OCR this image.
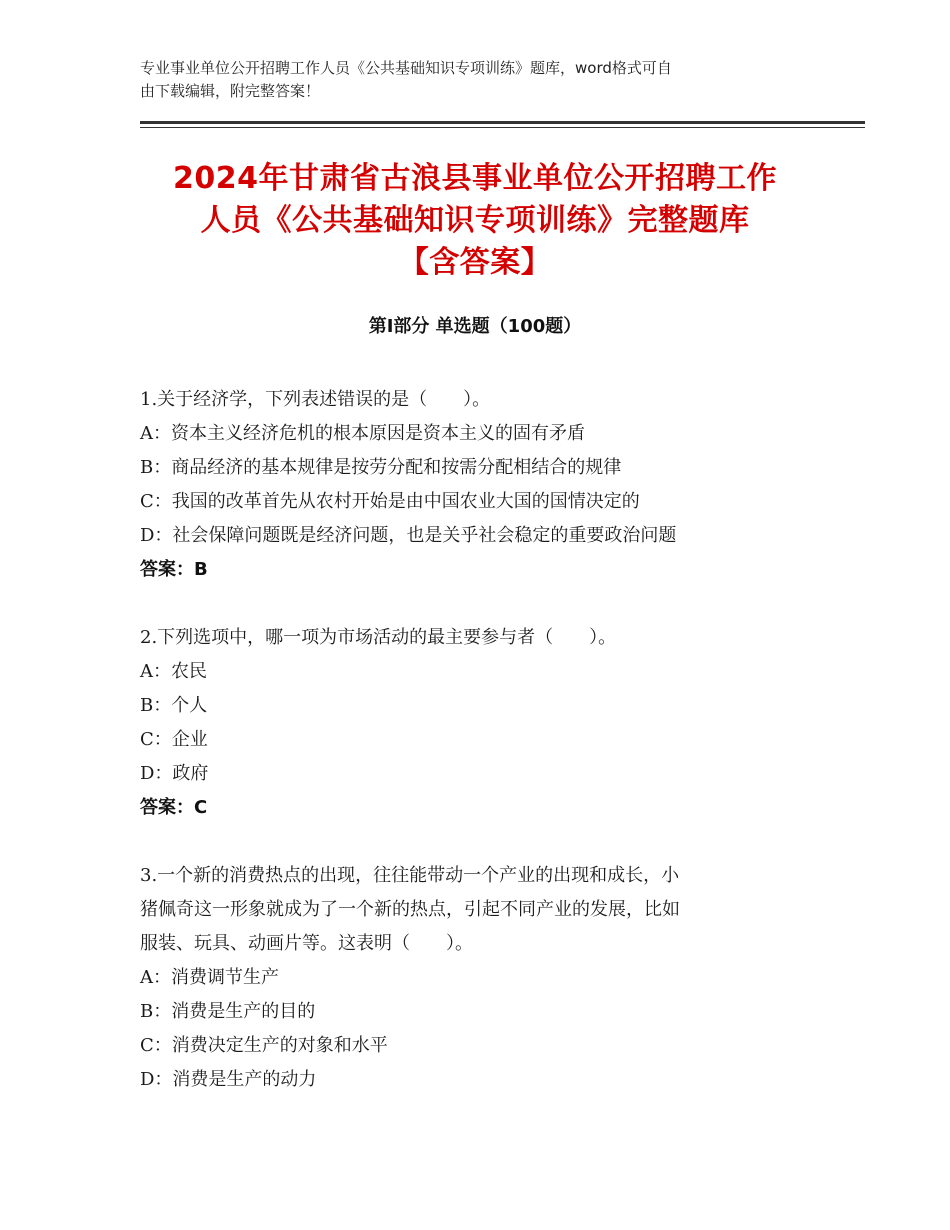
专业事业单位公开招聘工作人员《公共基础知识专项训练》题库，word格式可自
由下载编辑，附完整答案！
2024年甘肃省古浪县事业单位公开招聘工作
人员《公共基础知识专项训练》完整题库
【含答案】
第Ⅰ部分 单选题（100题）
1.关于经济学，下列表述错误的是（　　）。
A：资本主义经济危机的根本原因是资本主义的固有矛盾
B：商品经济的基本规律是按劳分配和按需分配相结合的规律
C：我国的改革首先从农村开始是由中国农业大国的国情决定的
D：社会保障问题既是经济问题，也是关乎社会稳定的重要政治问题
答案：B
2.下列选项中，哪一项为市场活动的最主要参与者（　　）。
A：农民
B：个人
C：企业
D：政府
答案：C
3.一个新的消费热点的出现，往往能带动一个产业的出现和成长，小
猪佩奇这一形象就成为了一个新的热点，引起不同产业的发展，比如
服装、玩具、动画片等。这表明（　　）。
A：消费调节生产
B：消费是生产的目的
C：消费决定生产的对象和水平
D：消费是生产的动力
